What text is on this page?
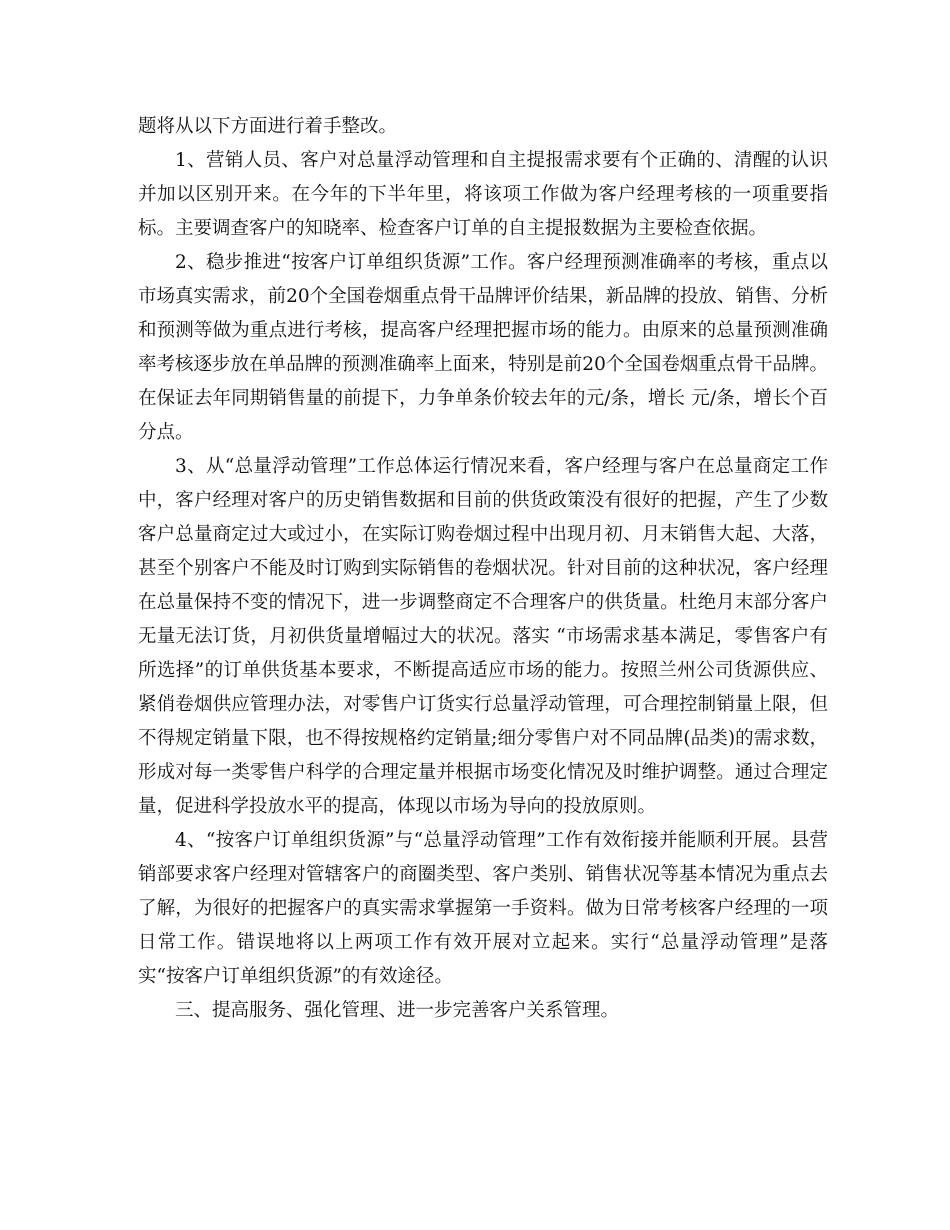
题将从以下方面进行着手整改。

1、营销人员、客户对总量浮动管理和自主提报需求要有个正确的、清醒的认识并加以区别开来。在今年的下半年里，将该项工作做为客户经理考核的一项重要指标。主要调查客户的知晓率、检查客户订单的自主提报数据为主要检查依据。

2、稳步推进“按客户订单组织货源”工作。客户经理预测准确率的考核，重点以市场真实需求，前20个全国卷烟重点骨干品牌评价结果，新品牌的投放、销售、分析和预测等做为重点进行考核，提高客户经理把握市场的能力。由原来的总量预测准确率考核逐步放在单品牌的预测准确率上面来，特别是前20个全国卷烟重点骨干品牌。在保证去年同期销售量的前提下，力争单条价较去年的元/条，增长 元/条，增长个百分点。

3、从“总量浮动管理”工作总体运行情况来看，客户经理与客户在总量商定工作中，客户经理对客户的历史销售数据和目前的供货政策没有很好的把握，产生了少数客户总量商定过大或过小，在实际订购卷烟过程中出现月初、月末销售大起、大落，甚至个别客户不能及时订购到实际销售的卷烟状况。针对目前的这种状况，客户经理在总量保持不变的情况下，进一步调整商定不合理客户的供货量。杜绝月末部分客户无量无法订货，月初供货量增幅过大的状况。落实 “市场需求基本满足，零售客户有所选择”的订单供货基本要求，不断提高适应市场的能力。按照兰州公司货源供应、紧俏卷烟供应管理办法，对零售户订货实行总量浮动管理，可合理控制销量上限，但不得规定销量下限，也不得按规格约定销量;细分零售户对不同品牌(品类)的需求数，形成对每一类零售户科学的合理定量并根据市场变化情况及时维护调整。通过合理定量，促进科学投放水平的提高，体现以市场为导向的投放原则。

4、“按客户订单组织货源”与“总量浮动管理”工作有效衔接并能顺利开展。县营销部要求客户经理对管辖客户的商圈类型、客户类别、销售状况等基本情况为重点去了解，为很好的把握客户的真实需求掌握第一手资料。做为日常考核客户经理的一项日常工作。错误地将以上两项工作有效开展对立起来。实行“总量浮动管理”是落实“按客户订单组织货源”的有效途径。

三、提高服务、强化管理、进一步完善客户关系管理。
